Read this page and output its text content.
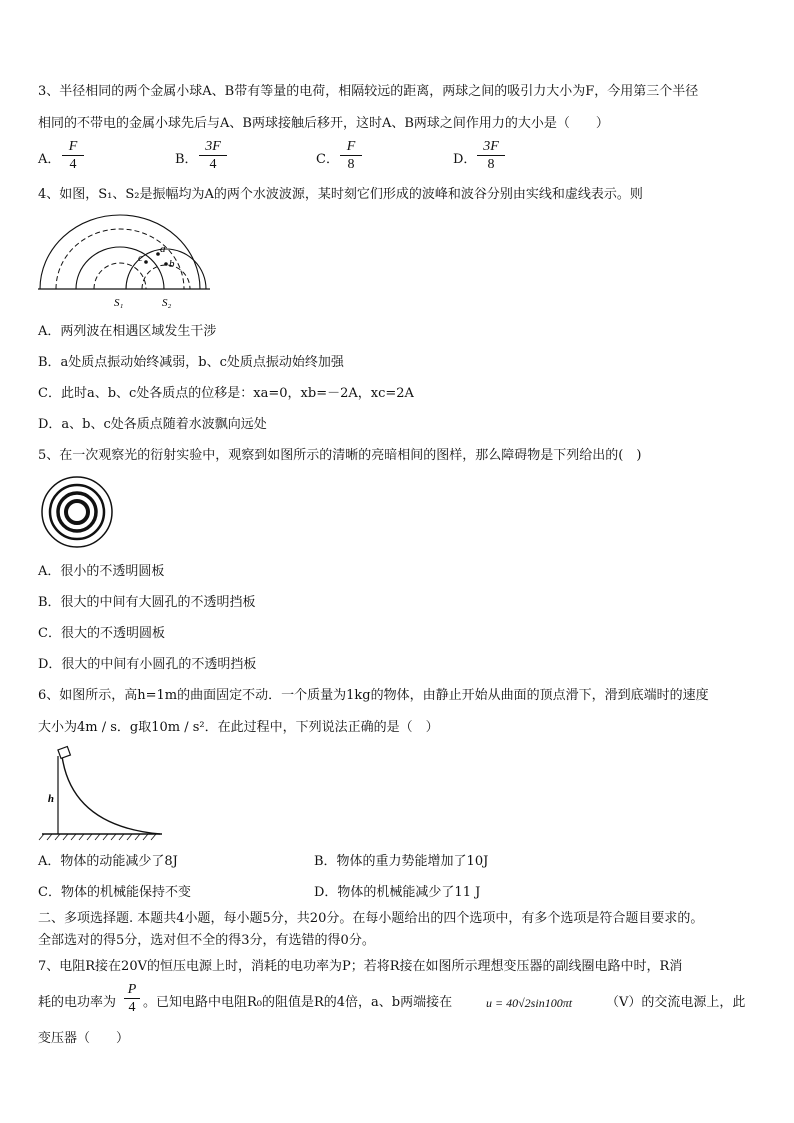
3、半径相同的两个金属小球A、B带有等量的电荷，相隔较远的距离，两球之间的吸引力大小为F，今用第三个半径
相同的不带电的金属小球先后与A、B两球接触后移开，这时A、B两球之间作用力的大小是（　　）
A．
F
4	B．
3F
4	C．
F
8	D．
3F
8
4、如图，S₁、S₂是振幅均为A的两个水波波源，某时刻它们形成的波峰和波谷分别由实线和虚线表示。则
a
b
c
S₁	S₂
A．两列波在相遇区域发生干涉
B．a处质点振动始终减弱，b、c处质点振动始终加强
C．此时a、b、c处各质点的位移是：xa=0，xb=－2A，xc=2A
D．a、b、c处各质点随着水波飘向远处
5、在一次观察光的衍射实验中，观察到如图所示的清晰的亮暗相间的图样，那么障碍物是下列给出的(　)
A．很小的不透明圆板
B．很大的中间有大圆孔的不透明挡板
C．很大的不透明圆板
D．很大的中间有小圆孔的不透明挡板
6、如图所示，高h=1m的曲面固定不动．一个质量为1kg的物体，由静止开始从曲面的顶点滑下，滑到底端时的速度
大小为4m / s．g取10m / s²．在此过程中，下列说法正确的是（　）
h
A．物体的动能减少了8J	B．物体的重力势能增加了10J
C．物体的机械能保持不变	D．物体的机械能减少了11 J
二、多项选择题. 本题共4小题，每小题5分，共20分。在每小题给出的四个选项中，有多个选项是符合题目要求的。
全部选对的得5分，选对但不全的得3分，有选错的得0分。
7、电阻R接在20V的恒压电源上时，消耗的电功率为P；若将R接在如图所示理想变压器的副线圈电路中时，R消
耗的电功率为
P
4 。已知电路中电阻R₀的阻值是R的4倍，a、b两端接在	u = 40√2sin100πt	（V）的交流电源上，此
变压器（　　）
